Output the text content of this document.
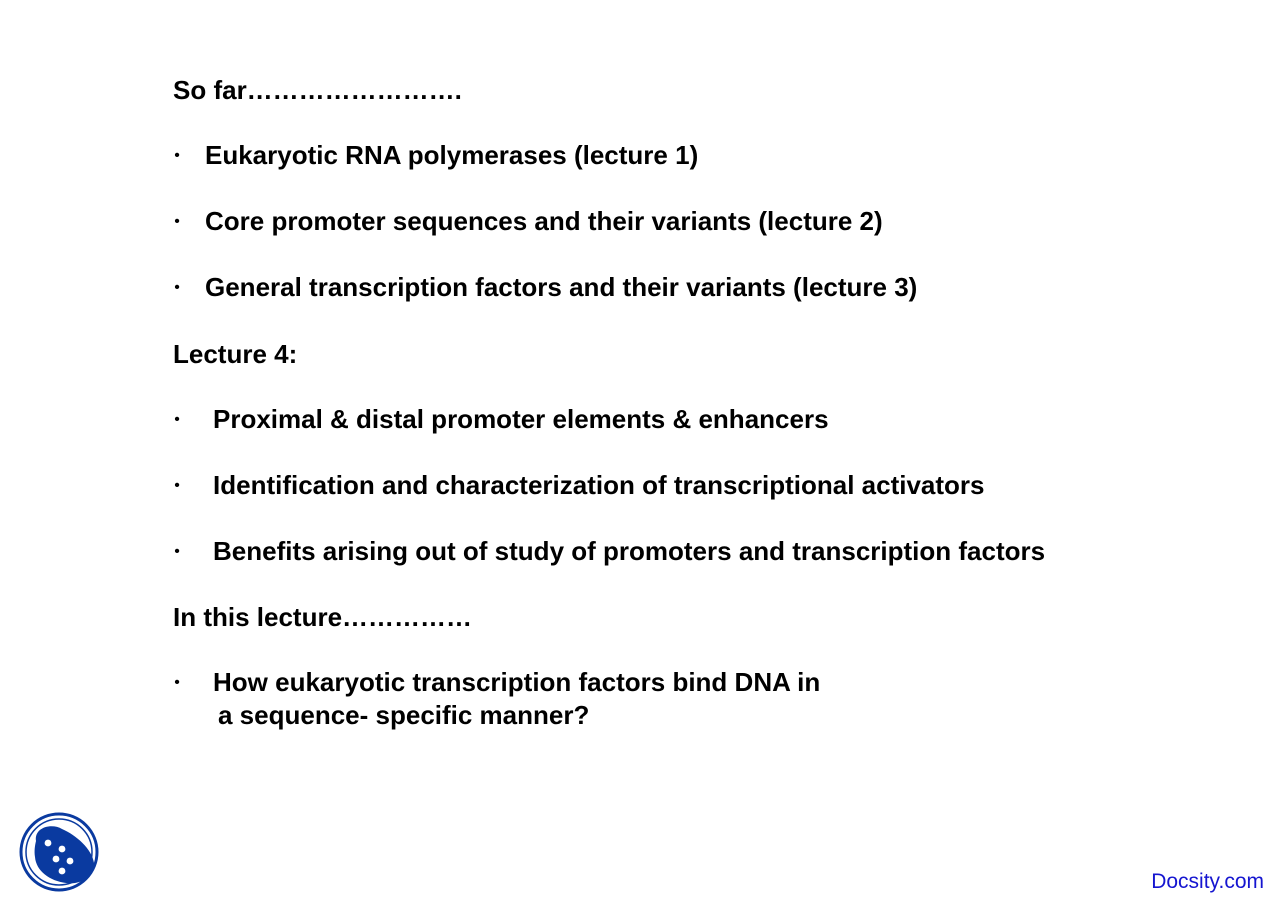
So far…………………….
• Eukaryotic RNA polymerases (lecture 1)
• Core promoter sequences and their variants (lecture 2)
• General transcription factors and their variants (lecture 3)
Lecture 4:
• Proximal & distal promoter elements & enhancers
• Identification and characterization of transcriptional activators
• Benefits arising out of study of promoters and transcription factors
In this lecture……………
• How eukaryotic transcription factors bind DNA in
a sequence- specific manner?
Docsity.com
